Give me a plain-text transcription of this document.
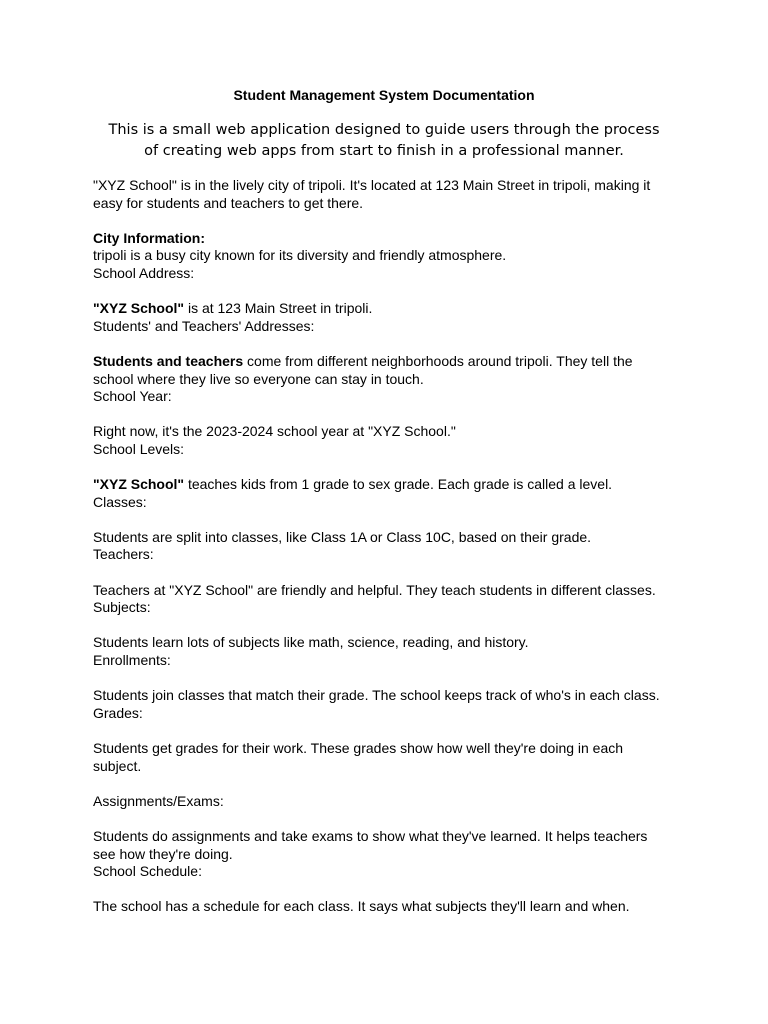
Student Management System Documentation
This is a small web application designed to guide users through the process of creating web apps from start to finish in a professional manner.

"XYZ School" is in the lively city of tripoli. It's located at 123 Main Street in tripoli, making it easy for students and teachers to get there.

City Information:

tripoli is a busy city known for its diversity and friendly atmosphere.

School Address:

"XYZ School" is at 123 Main Street in tripoli.

Students' and Teachers' Addresses:

Students and teachers come from different neighborhoods around tripoli. They tell the school where they live so everyone can stay in touch.

School Year:

Right now, it's the 2023-2024 school year at "XYZ School."

School Levels:

"XYZ School" teaches kids from 1 grade to sex grade. Each grade is called a level.

Classes:

Students are split into classes, like Class 1A or Class 10C, based on their grade.

Teachers:

Teachers at "XYZ School" are friendly and helpful. They teach students in different classes.

Subjects:

Students learn lots of subjects like math, science, reading, and history.

Enrollments:

Students join classes that match their grade. The school keeps track of who's in each class.

Grades:

Students get grades for their work. These grades show how well they're doing in each subject.

Assignments/Exams:

Students do assignments and take exams to show what they've learned. It helps teachers see how they're doing.

School Schedule:

The school has a schedule for each class. It says what subjects they'll learn and when.
